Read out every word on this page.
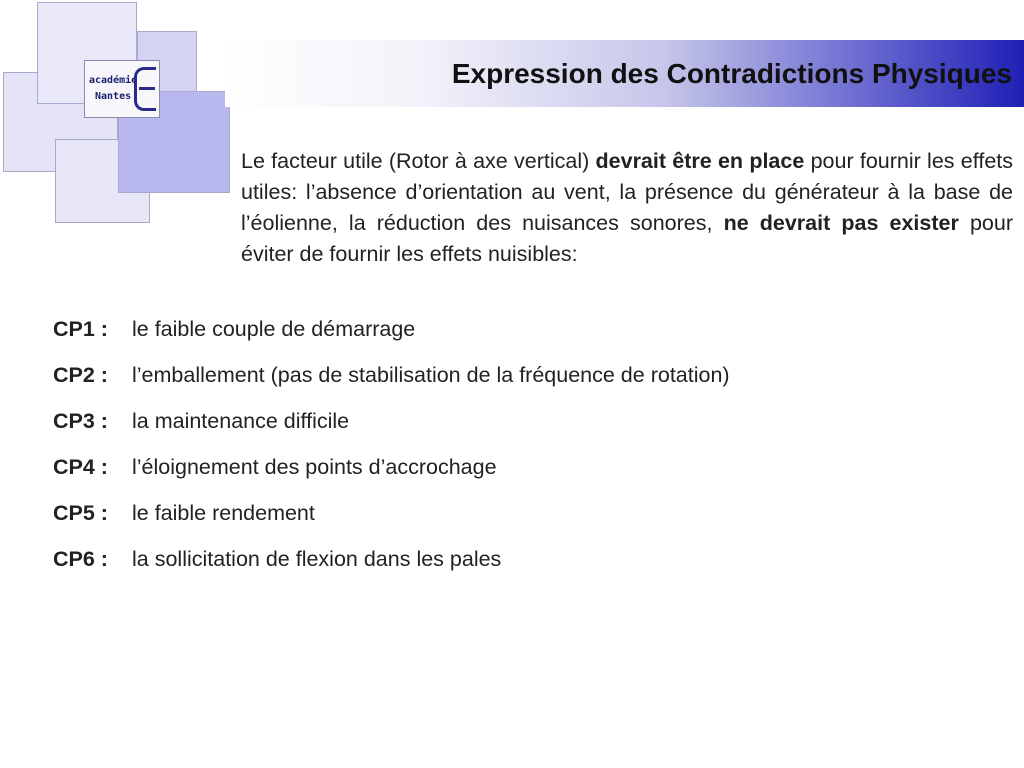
académie
Nantes
Expression des Contradictions Physiques

Le facteur utile (Rotor à axe vertical) devrait être en place pour fournir les effets utiles: l’absence d’orientation au vent, la présence du générateur à la base de l’éolienne, la réduction des nuisances sonores, ne devrait pas exister pour éviter de fournir les effets nuisibles:

CP1 : le faible couple de démarrage
CP2 : l’emballement (pas de stabilisation de la fréquence de rotation)
CP3 : la maintenance difficile
CP4 : l’éloignement des points d’accrochage
CP5 : le faible rendement
CP6 : la sollicitation de flexion dans les pales
